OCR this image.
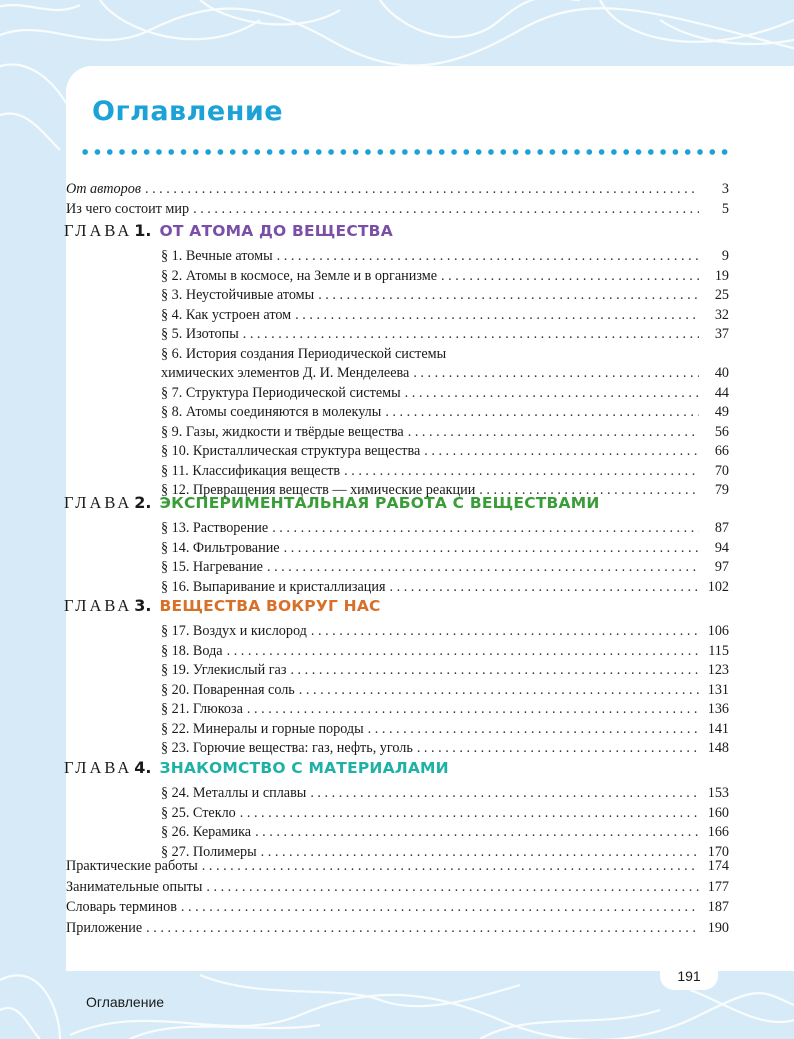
Оглавление
От авторов . . .	3
Из чего состоит мир . . .	5
ГЛАВА 1. ОТ АТОМА ДО ВЕЩЕСТВА
§ 1. Вечные атомы . . .	9
§ 2. Атомы в космосе, на Земле и в организме . . .	19
§ 3. Неустойчивые атомы . . .	25
§ 4. Как устроен атом . . .	32
§ 5. Изотопы . . .	37
§ 6. История создания Периодической системы
химических элементов Д. И. Менделеева . . .	40
§ 7. Структура Периодической системы . . .	44
§ 8. Атомы соединяются в молекулы . . .	49
§ 9. Газы, жидкости и твёрдые вещества . . .	56
§ 10. Кристаллическая структура вещества . . .	66
§ 11. Классификация веществ . . .	70
§ 12. Превращения веществ — химические реакции . . .	79
ГЛАВА 2. ЭКСПЕРИМЕНТАЛЬНАЯ РАБОТА С ВЕЩЕСТВАМИ
§ 13. Растворение . . .	87
§ 14. Фильтрование . . .	94
§ 15. Нагревание . . .	97
§ 16. Выпаривание и кристаллизация . . .	102
ГЛАВА 3. ВЕЩЕСТВА ВОКРУГ НАС
§ 17. Воздух и кислород . . .	106
§ 18. Вода . . .	115
§ 19. Углекислый газ . . .	123
§ 20. Поваренная соль . . .	131
§ 21. Глюкоза . . .	136
§ 22. Минералы и горные породы . . .	141
§ 23. Горючие вещества: газ, нефть, уголь . . .	148
ГЛАВА 4. ЗНАКОМСТВО С МАТЕРИАЛАМИ
§ 24. Металлы и сплавы . . .	153
§ 25. Стекло . . .	160
§ 26. Керамика . . .	166
§ 27. Полимеры . . .	170
Практические работы . . .	174
Занимательные опыты . . .	177
Словарь терминов . . .	187
Приложение . . .	190
191
Оглавление
